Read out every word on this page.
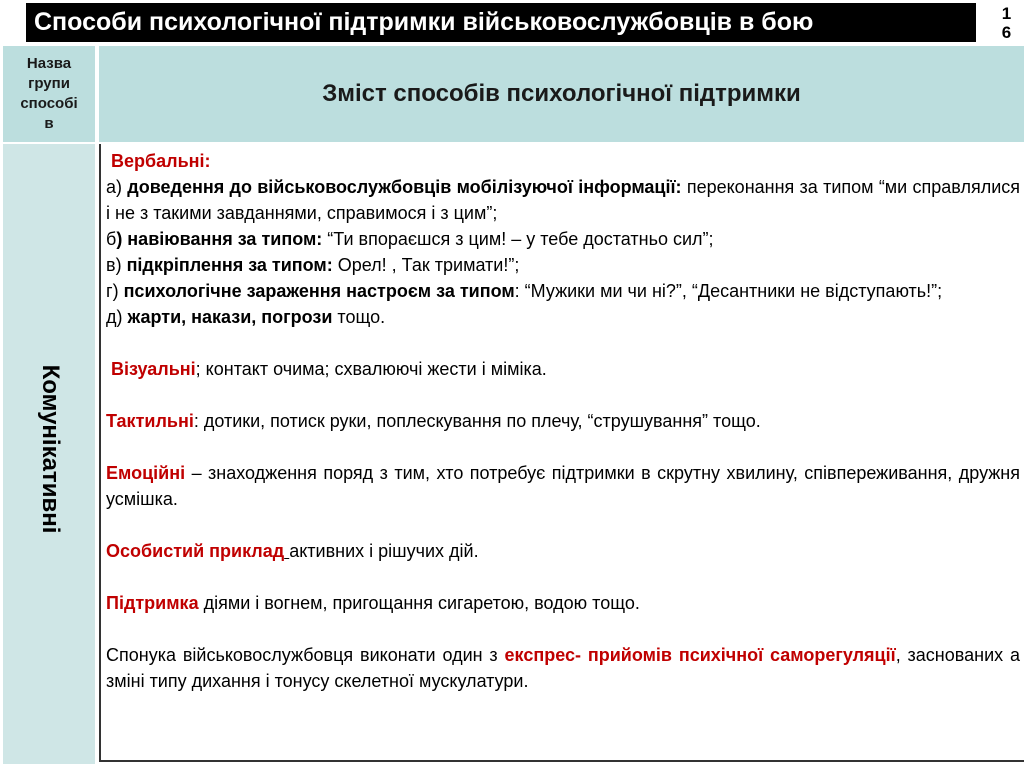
Способи психологічної підтримки військовослужбовців в бою	1
6
Назва групи способі в
Зміст способів психологічної підтримки
Комунікативні

Вербальні:

а) доведення до військовослужбовців мобілізуючої інформації: переконання за типом “ми справлялися і не з такими завданнями, справимося і з цим”;

б) навіювання за типом: “Ти впораєшся з цим! – у тебе достатньо сил”;

в) підкріплення за типом: Орел! , Так тримати!”;

г) психологічне зараження настроєм за типом: “Мужики ми чи ні?”, “Десантники не відступають!”;

д) жарти, накази, погрози тощо.

Візуальні; контакт очима; схвалюючі жести і міміка.

Тактильні: дотики, потиск руки, поплескування по плечу, “струшування” тощо.

Емоційні – знаходження поряд з тим, хто потребує підтримки в скрутну хвилину, співпереживання, дружня усмішка.

Особистий приклад активних і рішучих дій.

Підтримка діями і вогнем, пригощання сигаретою, водою тощо.

Спонука військовослужбовця виконати один з експрес- прийомів психічної саморегуляції, заснованих а зміні типу дихання і тонусу скелетної мускулатури.
